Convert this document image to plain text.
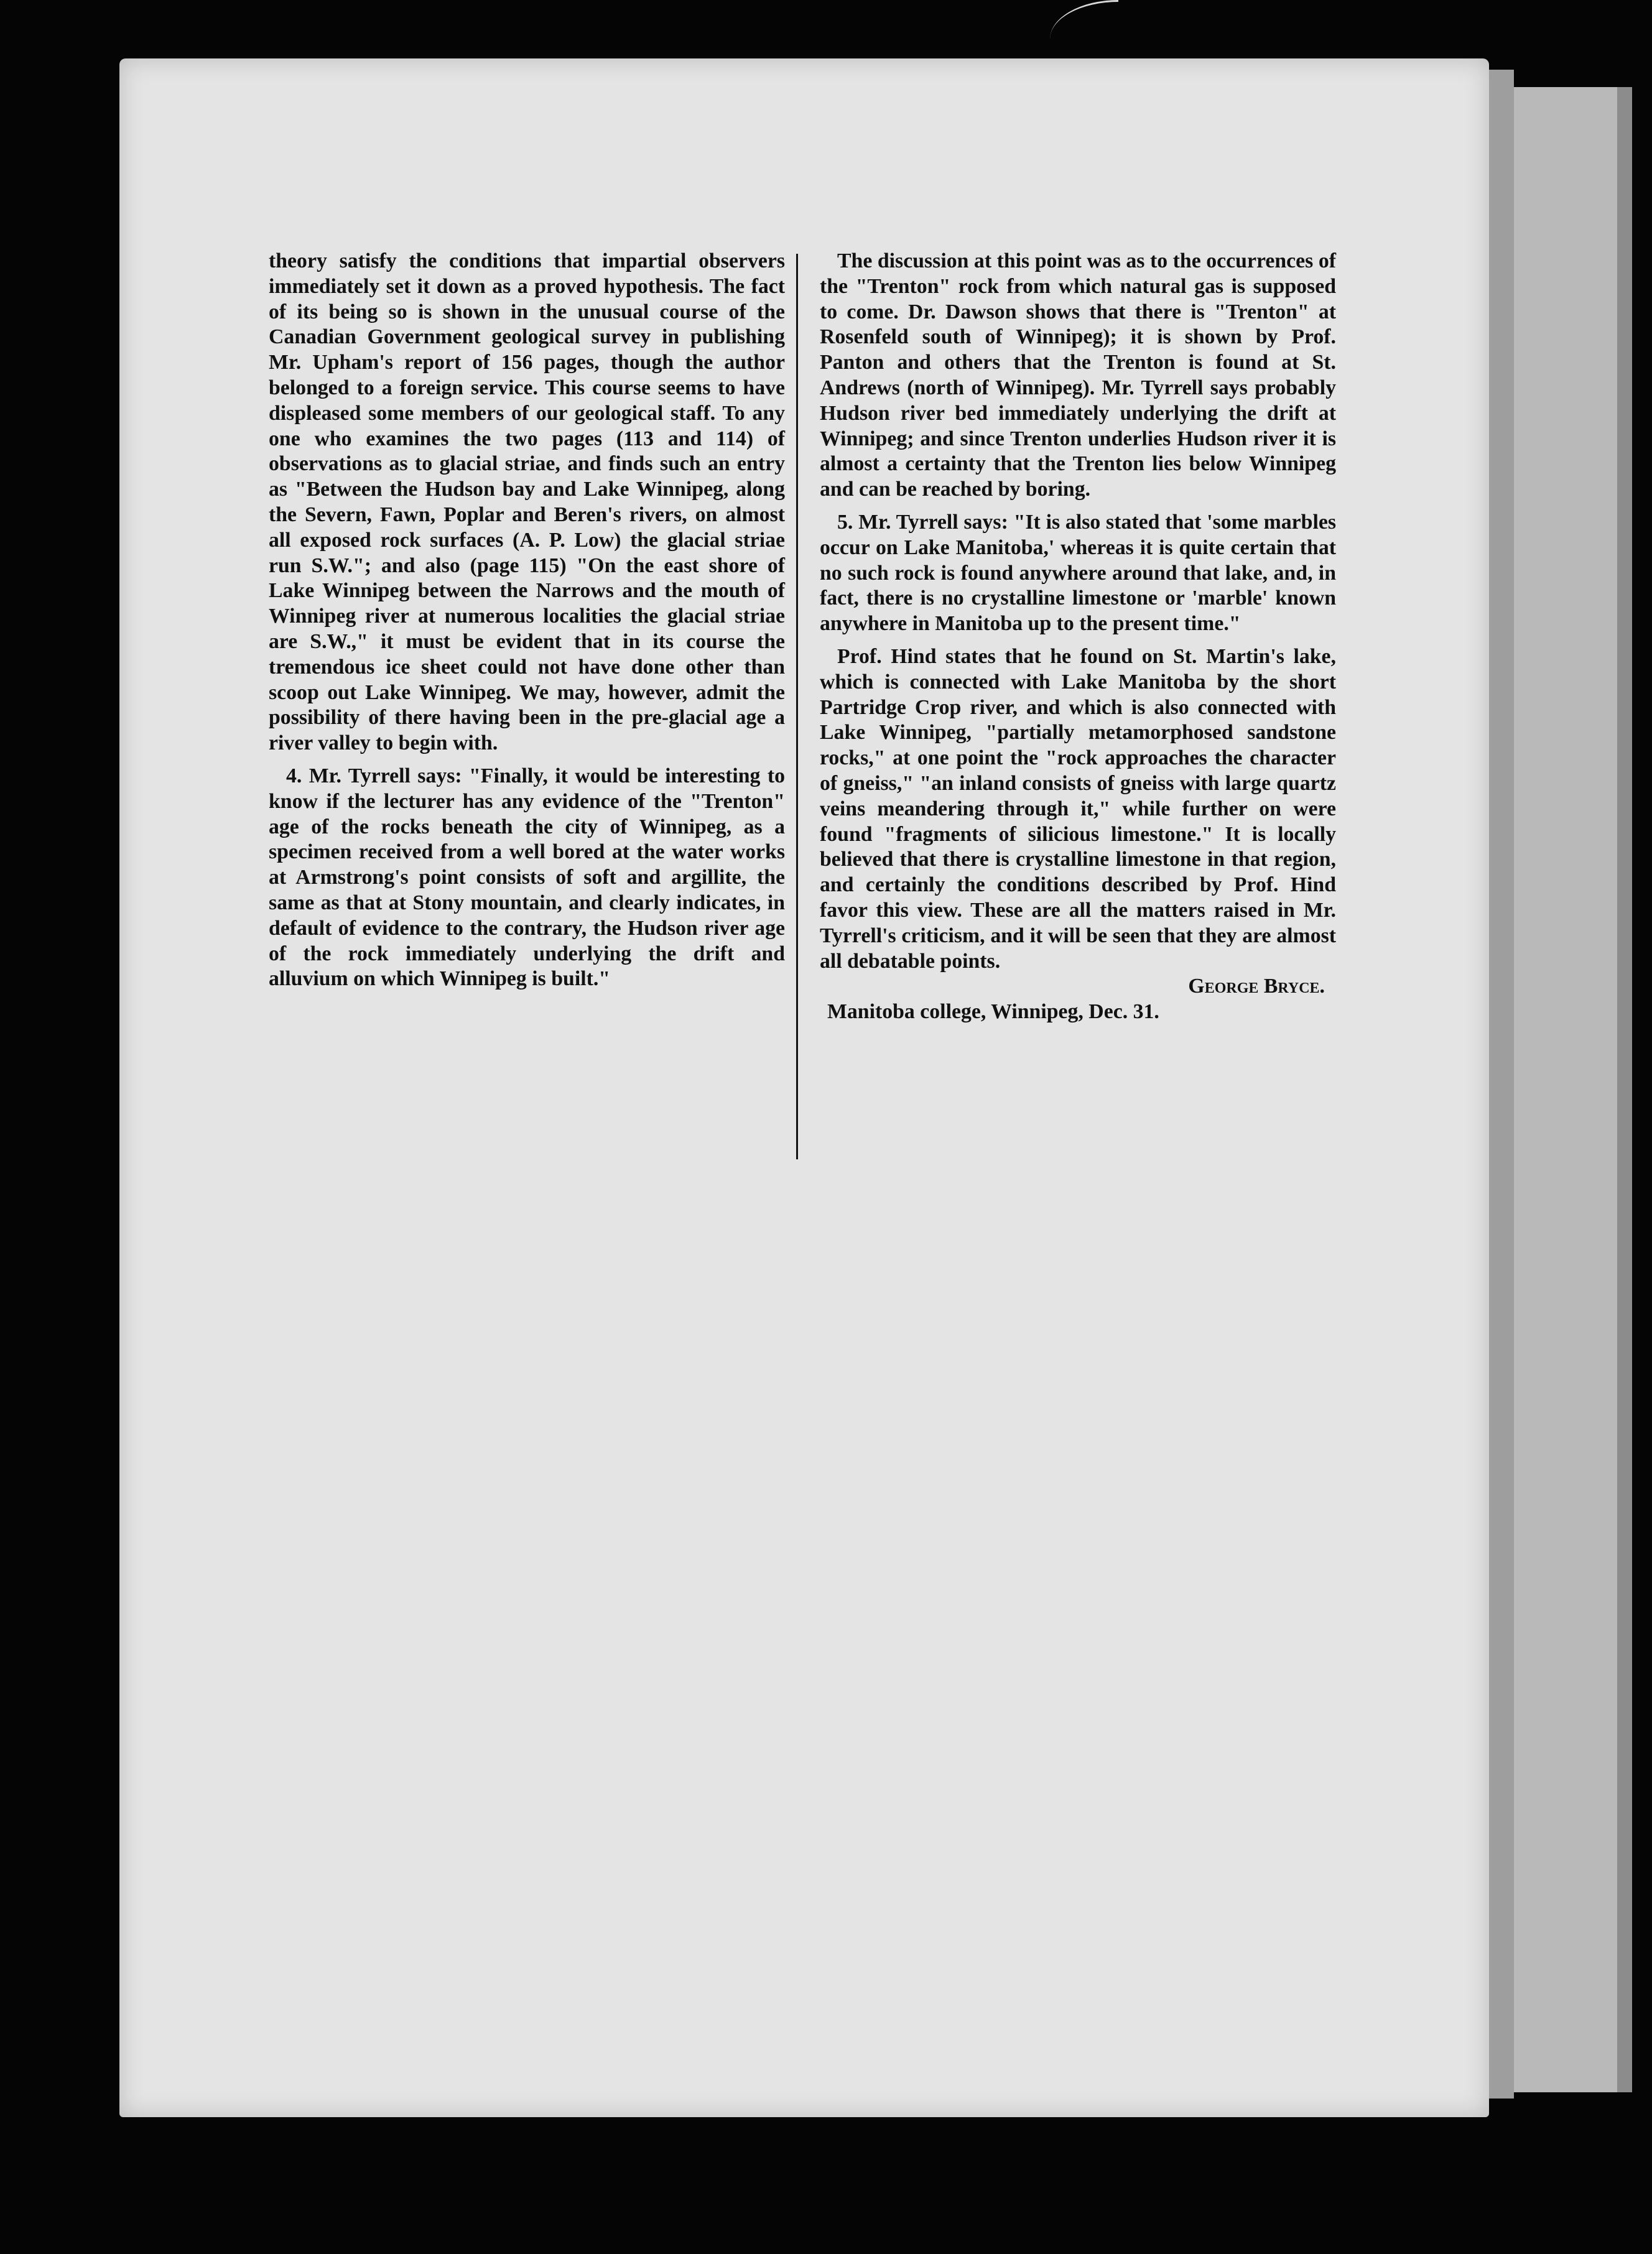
theory satisfy the conditions that impartial observers immediately set it down as a proved hypothesis. The fact of its being so is shown in the unusual course of the Canadian Government geological survey in publishing Mr. Upham's report of 156 pages, though the author belonged to a foreign service. This course seems to have displeased some members of our geological staff. To any one who examines the two pages (113 and 114) of observations as to glacial striae, and finds such an entry as "Between the Hudson bay and Lake Winnipeg, along the Severn, Fawn, Poplar and Beren's rivers, on almost all exposed rock surfaces (A. P. Low) the glacial striae run S.W."; and also (page 115) "On the east shore of Lake Winnipeg between the Narrows and the mouth of Winnipeg river at numerous localities the glacial striae are S.W.," it must be evident that in its course the tremendous ice sheet could not have done other than scoop out Lake Winnipeg. We may, however, admit the possibility of there having been in the pre-glacial age a river valley to begin with.

4. Mr. Tyrrell says: "Finally, it would be interesting to know if the lecturer has any evidence of the "Trenton" age of the rocks beneath the city of Winnipeg, as a specimen received from a well bored at the water works at Armstrong's point consists of soft and argillite, the same as that at Stony mountain, and clearly indicates, in default of evidence to the contrary, the Hudson river age of the rock immediately underlying the drift and alluvium on which Winnipeg is built."

The discussion at this point was as to the occurrences of the "Trenton" rock from which natural gas is supposed to come. Dr. Dawson shows that there is "Trenton" at Rosenfeld south of Winnipeg); it is shown by Prof. Panton and others that the Trenton is found at St. Andrews (north of Winnipeg). Mr. Tyrrell says probably Hudson river bed immediately underlying the drift at Winnipeg; and since Trenton underlies Hudson river it is almost a certainty that the Trenton lies below Winnipeg and can be reached by boring.

5. Mr. Tyrrell says: "It is also stated that 'some marbles occur on Lake Manitoba,' whereas it is quite certain that no such rock is found anywhere around that lake, and, in fact, there is no crystalline limestone or 'marble' known anywhere in Manitoba up to the present time."

Prof. Hind states that he found on St. Martin's lake, which is connected with Lake Manitoba by the short Partridge Crop river, and which is also connected with Lake Winnipeg, "partially metamorphosed sandstone rocks," at one point the "rock approaches the character of gneiss," "an inland consists of gneiss with large quartz veins meandering through it," while further on were found "fragments of silicious limestone." It is locally believed that there is crystalline limestone in that region, and certainly the conditions described by Prof. Hind favor this view. These are all the matters raised in Mr. Tyrrell's criticism, and it will be seen that they are almost all debatable points.

George Bryce.

Manitoba college, Winnipeg, Dec. 31.
